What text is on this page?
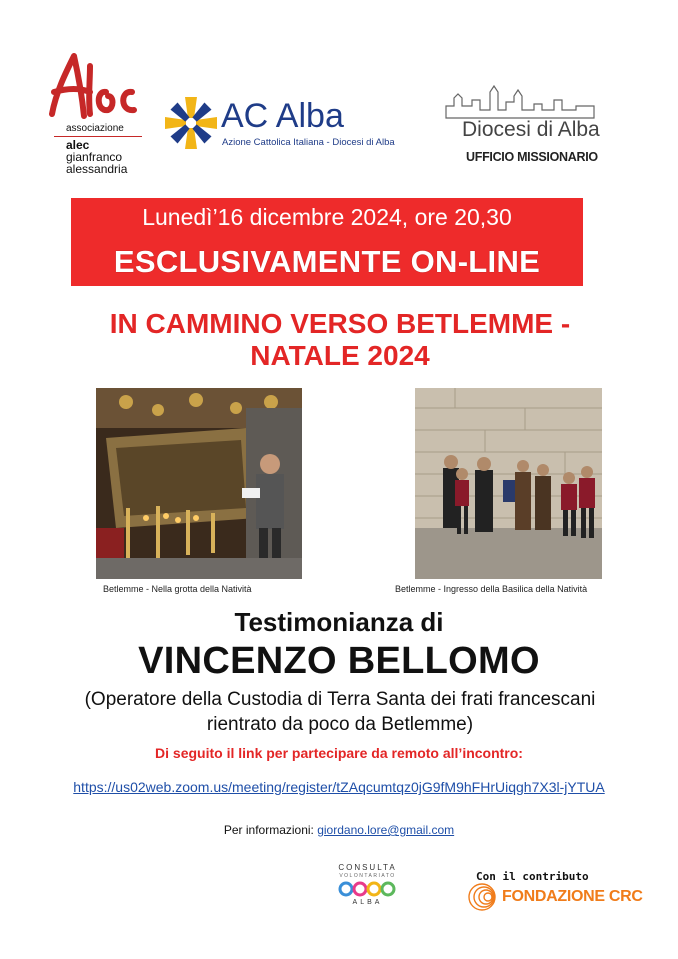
associazione
alec
gianfranco
alessandria
AC Alba
Azione Cattolica Italiana - Diocesi di Alba
Diocesi di Alba
UFFICIO MISSIONARIO
Lunedì’16 dicembre 2024, ore 20,30
ESCLUSIVAMENTE ON-LINE
IN CAMMINO VERSO BETLEMME -
NATALE 2024
Betlemme - Nella grotta della Natività	Betlemme - Ingresso della Basilica della Natività
Testimonianza di
VINCENZO BELLOMO
(Operatore della Custodia di Terra Santa dei frati francescani
rientrato da poco da Betlemme)
Di seguito il link per partecipare da remoto all’incontro:
https://us02web.zoom.us/meeting/register/tZAqcumtqz0jG9fM9hFHrUiqgh7X3l-jYTUA
Per informazioni: giordano.lore@gmail.com
CONSULTA
VOLONTARIATO
ALBA
Con il contributo
FONDAZIONE CRC
